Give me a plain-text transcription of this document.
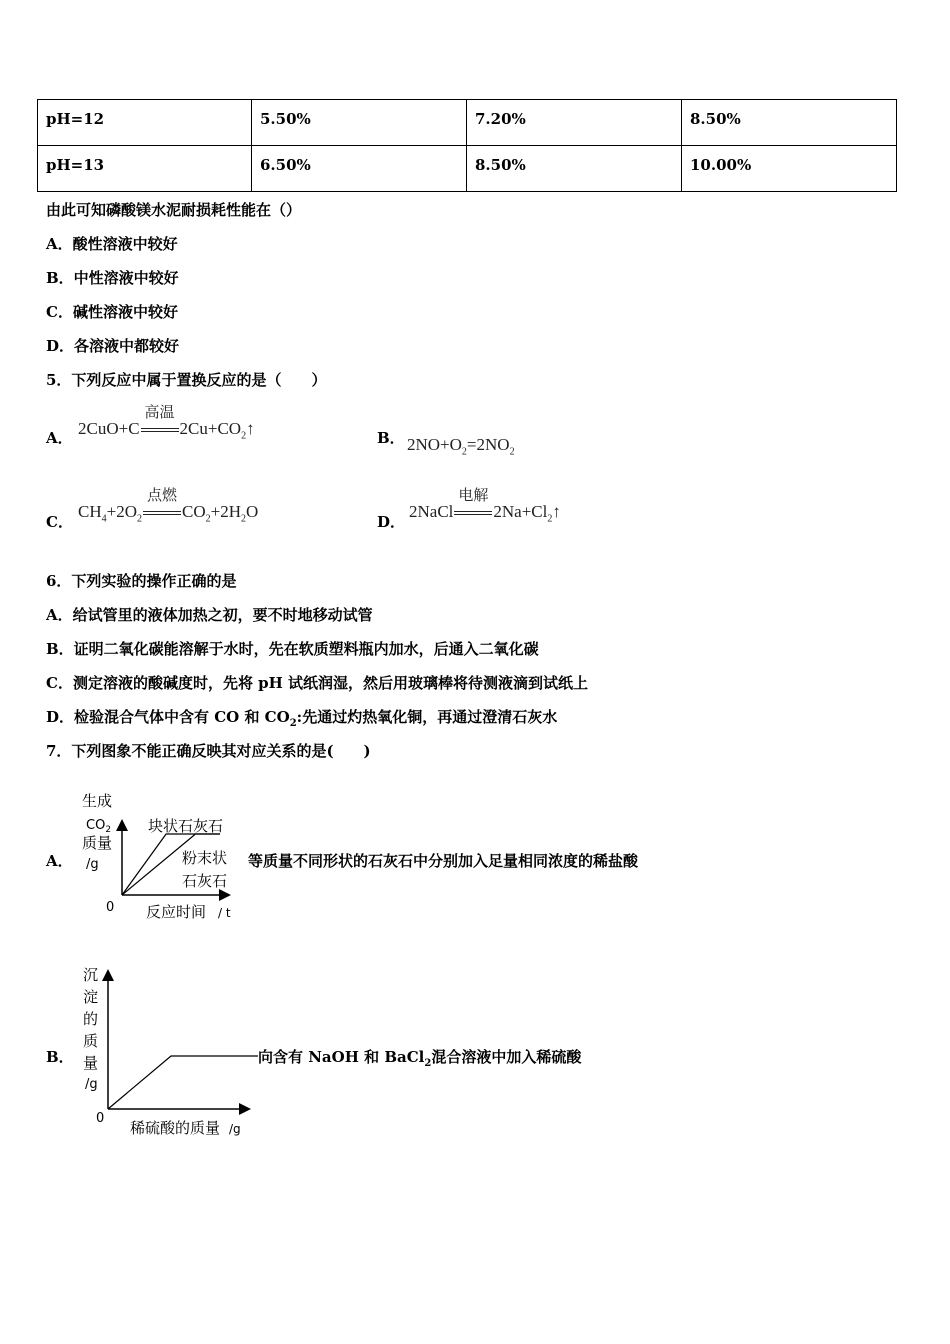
pH=12	5.50%	7.20%	8.50%
pH=13	6.50%	8.50%	10.00%
由此可知磷酸镁水泥耐损耗性能在（）
A．酸性溶液中较好
B．中性溶液中较好
C．碱性溶液中较好
D．各溶液中都较好
5．下列反应中属于置换反应的是（　　）
A． 2CuO+C
高温
$2Cu+CO_2↑$	B． $2NO+O_2=2NO_2$
C．
$CH_4+2O_2$
点燃
$CO_2+2H_2O$
D．
2NaCl
电解
$2Na+Cl_2↑$
6．下列实验的操作正确的是
A．给试管里的液体加热之初，要不时地移动试管
B．证明二氧化碳能溶解于水时，先在软质塑料瓶内加水，后通入二氧化碳
C．测定溶液的酸碱度时，先将 pH 试纸润湿，然后用玻璃棒将待测液滴到试纸上
D．检验混合气体中含有 CO 和 $CO_2$:先通过灼热氧化铜，再通过澄清石灰水
7．下列图象不能正确反映其对应关系的是(　　)
A．
生成
$CO_2$
质量
/g
0 反应时间 / t
块状石灰石
粉末状
石灰石
等质量不同形状的石灰石中分别加入足量相同浓度的稀盐酸
B．
沉
淀
的
质
量
/g
0
稀硫酸的质量 /g
向含有 NaOH 和 BaCl$_2$混合溶液中加入稀硫酸
